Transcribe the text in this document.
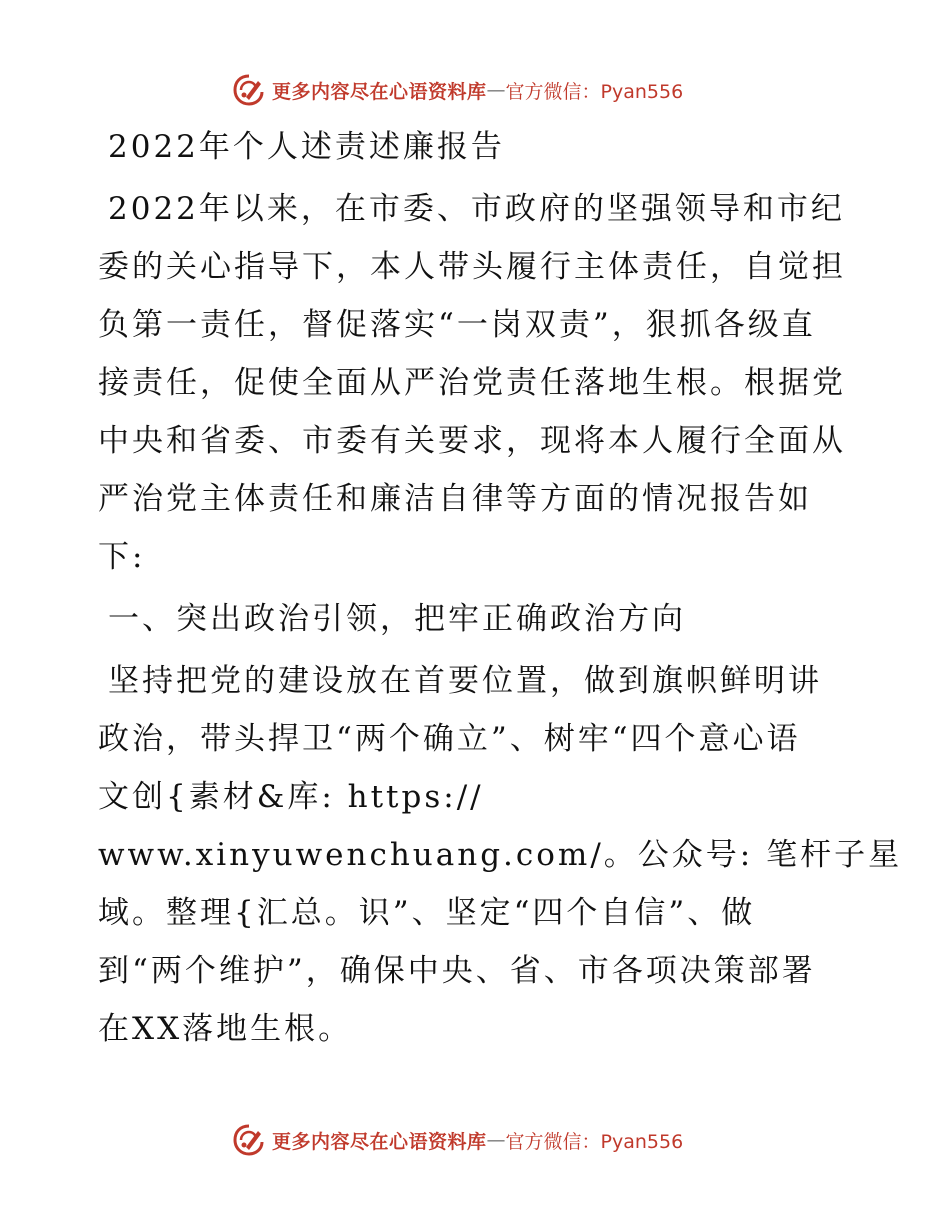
更多内容尽在心语资料库 — 官方微信：Pyan556
2022年个人述责述廉报告
2022年以来，在市委、市政府的坚强领导和市纪
委的关心指导下，本人带头履行主体责任，自觉担
负第一责任，督促落实“一岗双责”，狠抓各级直
接责任，促使全面从严治党责任落地生根。根据党
中央和省委、市委有关要求，现将本人履行全面从
严治党主体责任和廉洁自律等方面的情况报告如
下:
一、突出政治引领，把牢正确政治方向
坚持把党的建设放在首要位置，做到旗帜鲜明讲
政治，带头捍卫“两个确立”、树牢“四个意心语
文创{素材&库: https://
www.xinyuwenchuang.com/。公众号: 笔杆子星
域。整理{汇总。识”、坚定“四个自信”、做
到“两个维护”，确保中央、省、市各项决策部署
在XX落地生根。
更多内容尽在心语资料库 — 官方微信：Pyan556
